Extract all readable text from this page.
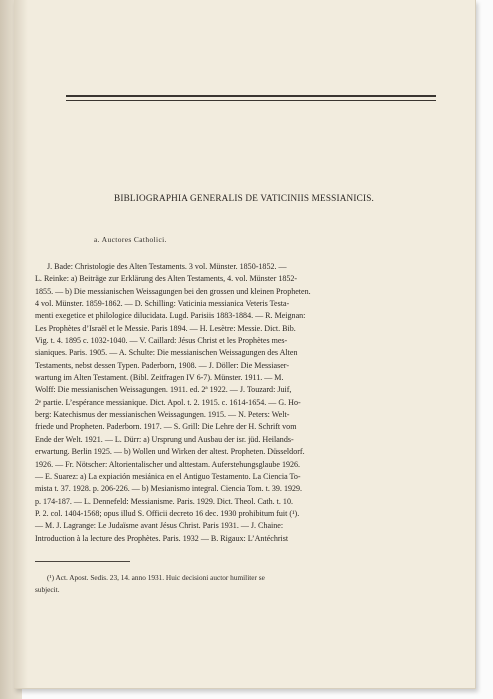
BIBLIOGRAPHIA GENERALIS DE VATICINIIS MESSIANICIS.
a. Auctores Catholici.
J. Bade: Christologie des Alten Testaments. 3 vol. Münster. 1850-1852. —
L. Reinke: a) Beiträge zur Erklärung des Alten Testaments, 4. vol. Münster 1852-
1855. — b) Die messianischen Weissagungen bei den grossen und kleinen Propheten.
4 vol. Münster. 1859-1862. — D. Schilling: Vaticinia messianica Veteris Testa-
menti exegetice et philologice dilucidata. Lugd. Parisiis 1883-1884. — R. Meignan:
Les Prophètes d’Israël et le Messie. Paris 1894. — H. Lesètre: Messie. Dict. Bib.
Vig. t. 4. 1895 c. 1032-1040. — V. Caillard: Jésus Christ et les Prophètes mes-
sianiques. Paris. 1905. — A. Schulte: Die messianischen Weissagungen des Alten
Testaments, nebst dessen Typen. Paderborn, 1908. — J. Döller: Die Messiaser-
wartung im Alten Testament. (Bibl. Zeitfragen IV 6-7). Münster. 1911. — M.
Wolff: Die messianischen Weissagungen. 1911. ed. 2ª 1922. — J. Touzard: Juif,
2ᵉ partie. L’espérance messianique. Dict. Apol. t. 2. 1915. c. 1614-1654. — G. Ho-
berg: Katechismus der messianischen Weissagungen. 1915. — N. Peters: Welt-
friede und Propheten. Paderborn. 1917. — S. Grill: Die Lehre der H. Schrift vom
Ende der Welt. 1921. — L. Dürr: a) Ursprung und Ausbau der isr. jüd. Heilands-
erwartung. Berlin 1925. — b) Wollen und Wirken der altest. Propheten. Düsseldorf.
1926. — Fr. Nötscher: Altorientalischer und alttestam. Auferstehungsglaube 1926.
— E. Suarez: a) La expiación mesiánica en el Antiguo Testamento. La Ciencia To-
mista t. 37. 1928. p. 206-226. — b) Mesianismo integral. Ciencia Tom. t. 39. 1929.
p. 174-187. — L. Dennefeld: Messianisme. Paris. 1929. Dict. Theol. Cath. t. 10.
P. 2. col. 1404-1568; opus illud S. Officii decreto 16 dec. 1930 prohibitum fuit (¹).
— M. J. Lagrange: Le Judaïsme avant Jésus Christ. Paris 1931. — J. Chaine:
Introduction à la lecture des Prophètes. Paris. 1932 — B. Rigaux: L’Antéchrist
(¹) Act. Apost. Sedis. 23, 14. anno 1931. Huic decisioni auctor humiliter se
subjecit.
